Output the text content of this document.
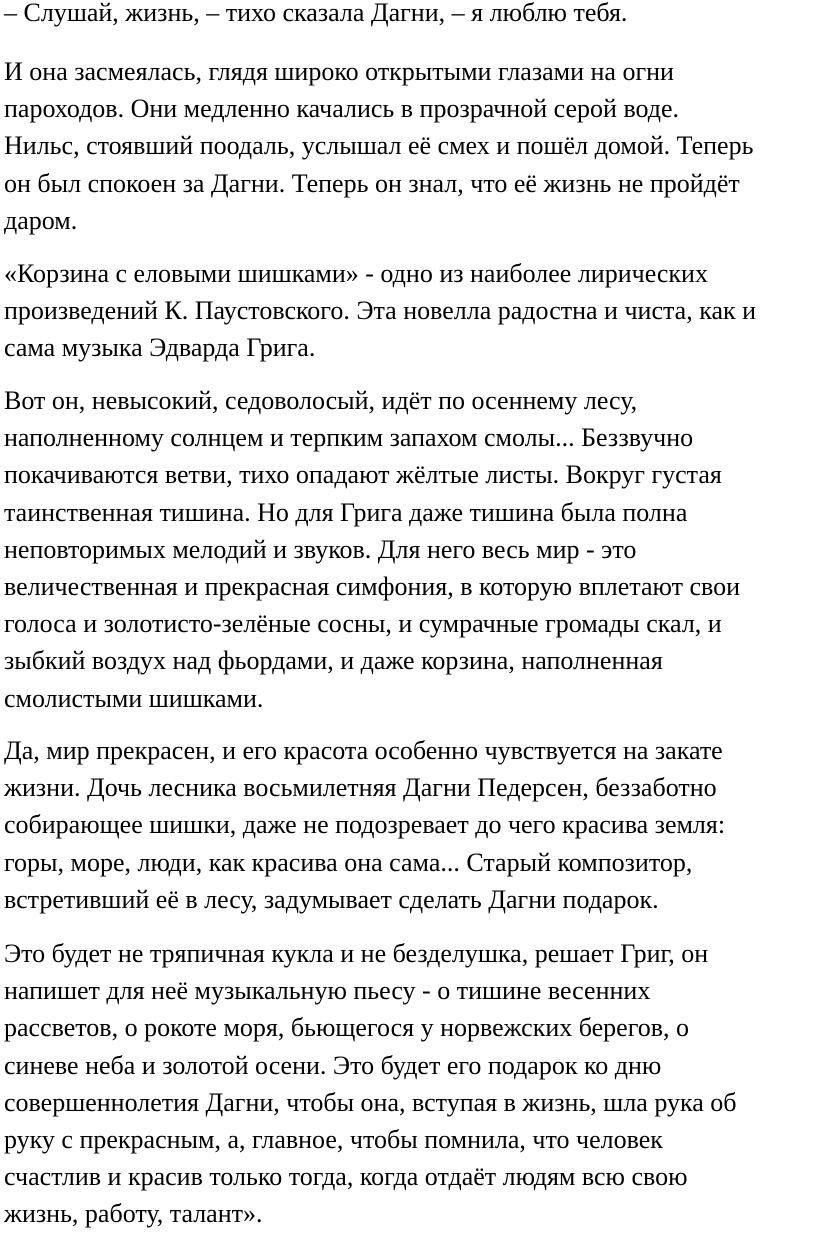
– Слушай, жизнь, – тихо сказала Дагни, – я люблю тебя.
И она засмеялась, глядя широко открытыми глазами на огни
пароходов. Они медленно качались в прозрачной серой воде.
Нильс, стоявший поодаль, услышал её смех и пошёл домой. Теперь
он был спокоен за Дагни. Теперь он знал, что её жизнь не пройдёт
даром.
«Корзина с еловыми шишками» - одно из наиболее лирических
произведений К. Паустовского. Эта новелла радостна и чиста, как и
сама музыка Эдварда Грига.
Вот он, невысокий, седоволосый, идёт по осеннему лесу,
наполненному солнцем и терпким запахом смолы... Беззвучно
покачиваются ветви, тихо опадают жёлтые листы. Вокруг густая
таинственная тишина. Но для Грига даже тишина была полна
неповторимых мелодий и звуков. Для него весь мир - это
величественная и прекрасная симфония, в которую вплетают свои
голоса и золотисто-зелёные сосны, и сумрачные громады скал, и
зыбкий воздух над фьордами, и даже корзина, наполненная
смолистыми шишками.
Да, мир прекрасен, и его красота особенно чувствуется на закате
жизни. Дочь лесника восьмилетняя Дагни Педерсен, беззаботно
собирающее шишки, даже не подозревает до чего красива земля:
горы, море, люди, как красива она сама... Старый композитор,
встретивший её в лесу, задумывает сделать Дагни подарок.
Это будет не тряпичная кукла и не безделушка, решает Григ, он
напишет для неё музыкальную пьесу - о тишине весенних
рассветов, о рокоте моря, бьющегося у норвежских берегов, о
синеве неба и золотой осени. Это будет его подарок ко дню
совершеннолетия Дагни, чтобы она, вступая в жизнь, шла рука об
руку с прекрасным, а, главное, чтобы помнила, что человек
счастлив и красив только тогда, когда отдаёт людям всю свою
жизнь, работу, талант».
